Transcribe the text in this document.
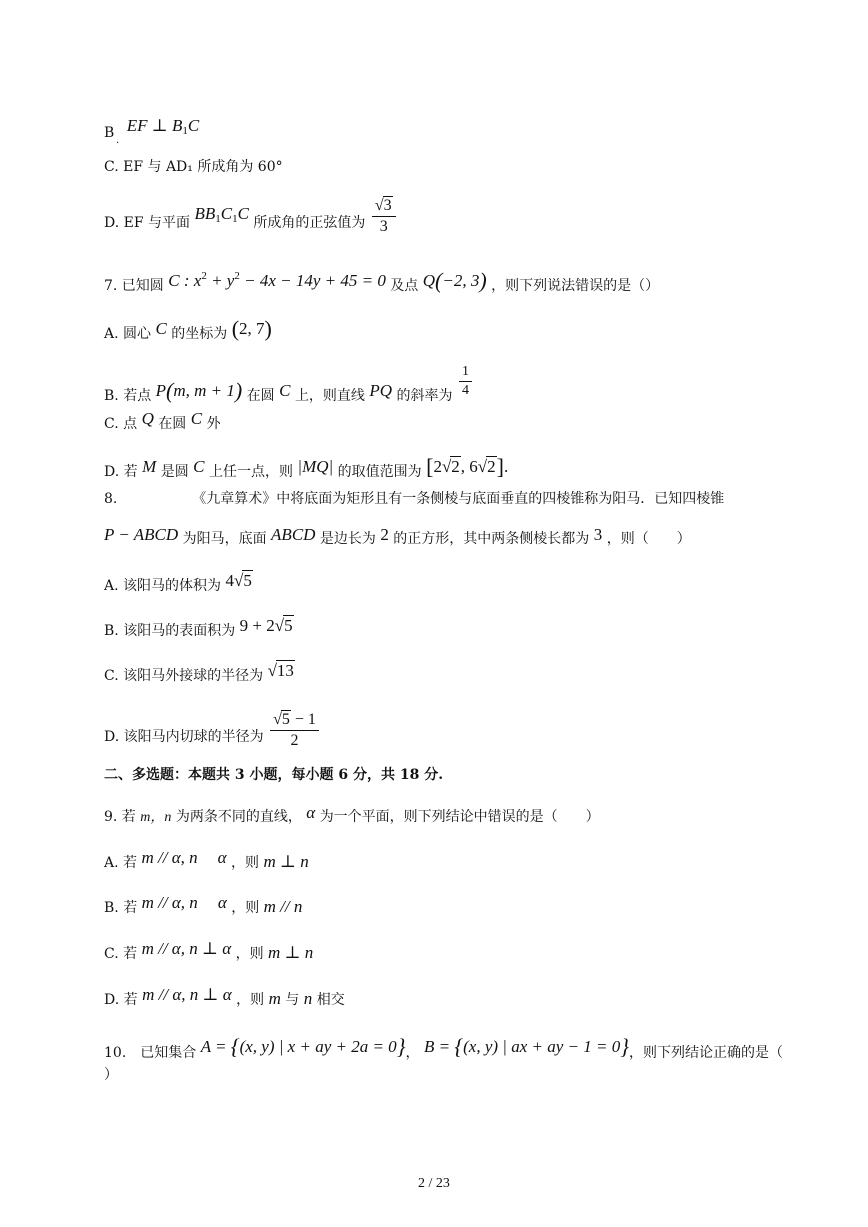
B EF ⊥ $B_1C$
.
C. EF 与 AD₁ 所成角为 60°
D. EF 与平面 $BB_1C_1C$ 所成角的正弦值为 $\frac{√3}{3}$
7. 已知圆 C : $x^2 + y^2 - 4x - 14y + 45 = 0$ 及点 Q(−2, 3) ，则下列说法错误的是（）
A. 圆心 C 的坐标为 (2, 7)
B. 若点 P(m, m + 1) 在圆 C 上，则直线 PQ 的斜率为 $\frac{1}{4}$
C. 点 Q 在圆 C 外
D. 若 M 是圆 C 上任一点，则 |MQ| 的取值范围为 [2√2, 6√2].
8.	《九章算术》中将底面为矩形且有一条侧棱与底面垂直的四棱锥称为阳马．已知四棱锥
P − ABCD 为阳马，底面 ABCD 是边长为 2 的正方形，其中两条侧棱长都为 3 ，则（　　）
A. 该阳马的体积为 4√5
B. 该阳马的表面积为 9 + 2√5
C. 该阳马外接球的半径为 √13
D. 该阳马内切球的半径为 $\frac{√5 - 1}{2}$
二、多选题：本题共 3 小题，每小题 6 分，共 18 分.
9. 若 m，n 为两条不同的直线， α 为一个平面，则下列结论中错误的是（　　）
A. 若 m // α, n α ，则 m ⊥ n
B. 若 m // α, n α ，则 m // n
C. 若 m // α, n ⊥ α ，则 m ⊥ n
D. 若 m // α, n ⊥ α ，则 m 与 n 相交
10.　已知集合 A = {(x, y) | x + ay + 2a = 0}， B = {(x, y) | ax + ay − 1 = 0}，则下列结论正确的是（
）
2 / 23
